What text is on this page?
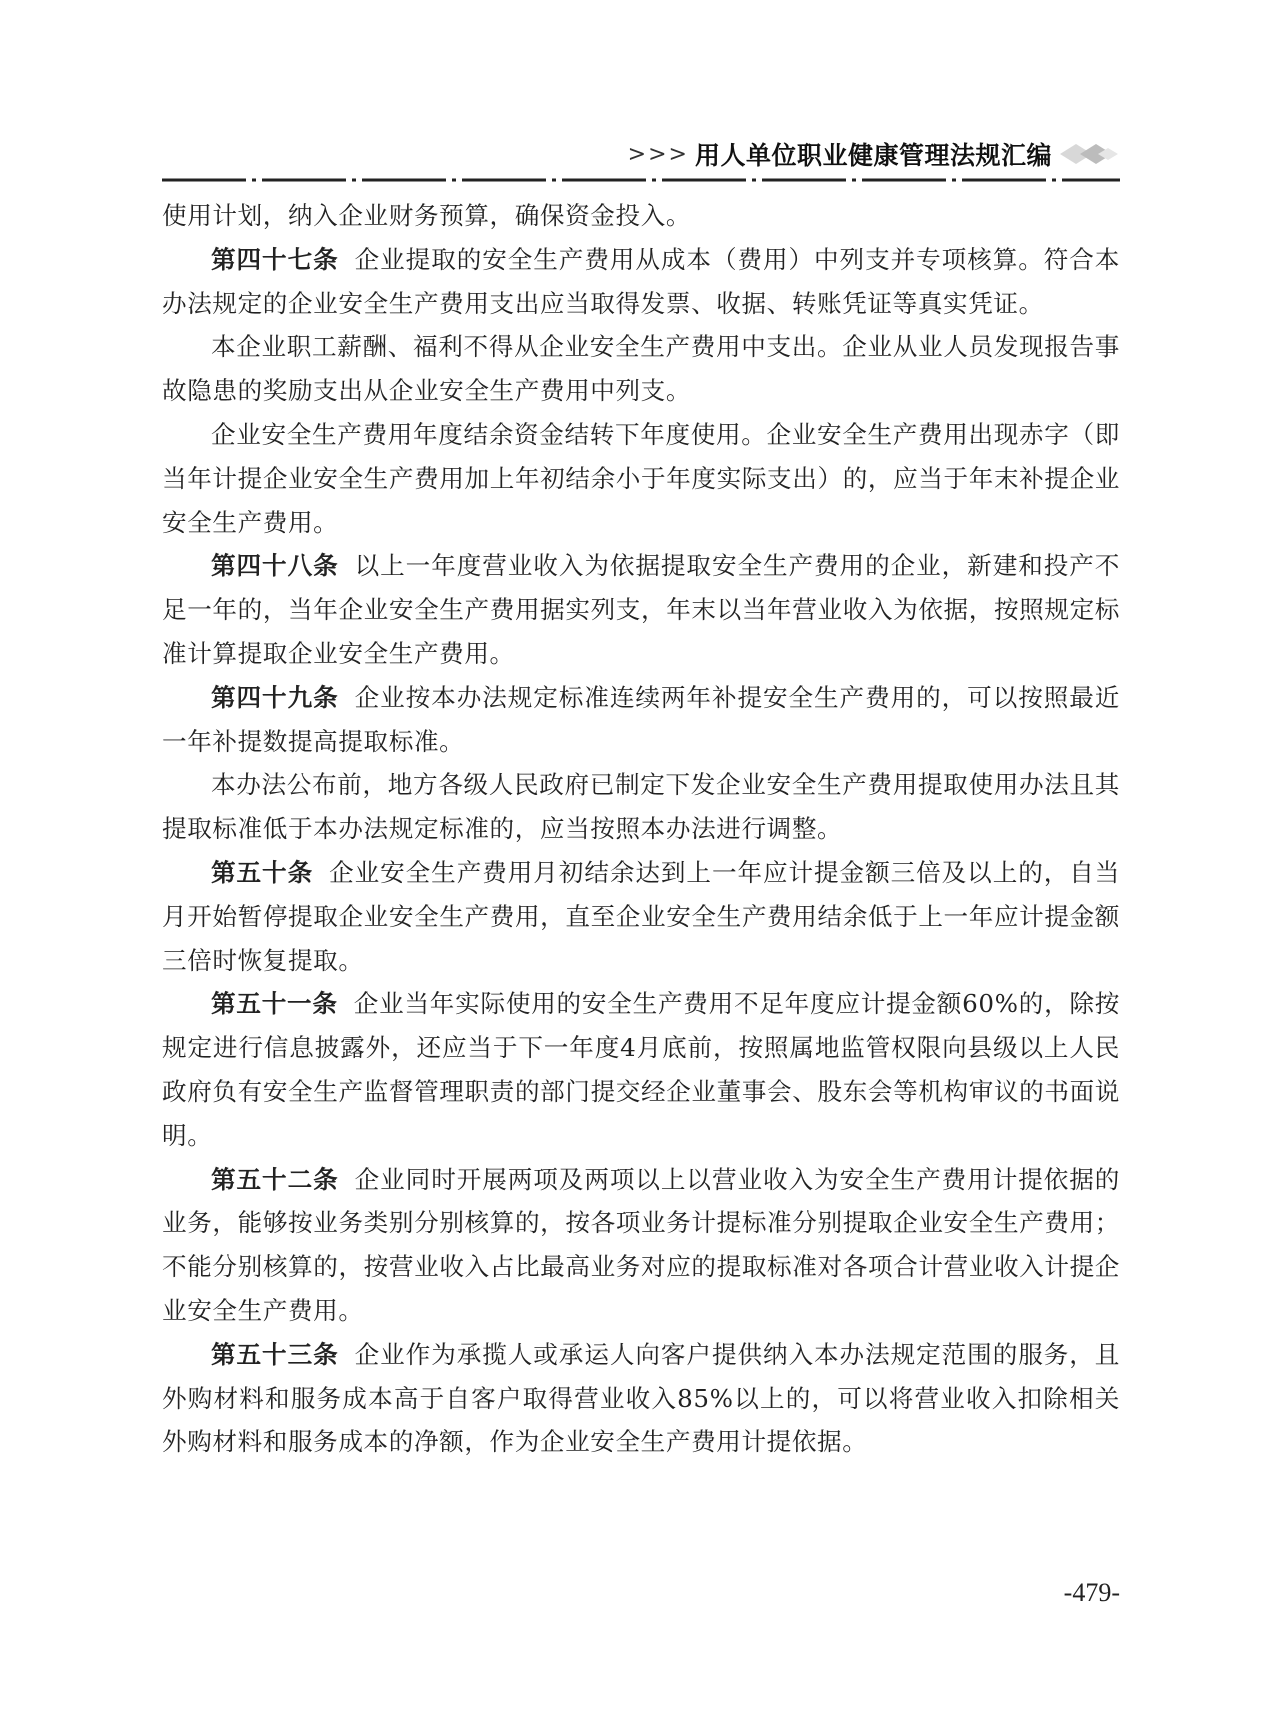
>>> 用人单位职业健康管理法规汇编

使用计划，纳入企业财务预算，确保资金投入。

第四十七条 企业提取的安全生产费用从成本（费用）中列支并专项核算。符合本办法规定的企业安全生产费用支出应当取得发票、收据、转账凭证等真实凭证。

本企业职工薪酬、福利不得从企业安全生产费用中支出。企业从业人员发现报告事故隐患的奖励支出从企业安全生产费用中列支。

企业安全生产费用年度结余资金结转下年度使用。企业安全生产费用出现赤字（即当年计提企业安全生产费用加上年初结余小于年度实际支出）的，应当于年末补提企业安全生产费用。

第四十八条 以上一年度营业收入为依据提取安全生产费用的企业，新建和投产不足一年的，当年企业安全生产费用据实列支，年末以当年营业收入为依据，按照规定标准计算提取企业安全生产费用。

第四十九条 企业按本办法规定标准连续两年补提安全生产费用的，可以按照最近一年补提数提高提取标准。

本办法公布前，地方各级人民政府已制定下发企业安全生产费用提取使用办法且其提取标准低于本办法规定标准的，应当按照本办法进行调整。

第五十条 企业安全生产费用月初结余达到上一年应计提金额三倍及以上的，自当月开始暂停提取企业安全生产费用，直至企业安全生产费用结余低于上一年应计提金额三倍时恢复提取。

第五十一条 企业当年实际使用的安全生产费用不足年度应计提金额60%的，除按规定进行信息披露外，还应当于下一年度4月底前，按照属地监管权限向县级以上人民政府负有安全生产监督管理职责的部门提交经企业董事会、股东会等机构审议的书面说明。

第五十二条 企业同时开展两项及两项以上以营业收入为安全生产费用计提依据的业务，能够按业务类别分别核算的，按各项业务计提标准分别提取企业安全生产费用；不能分别核算的，按营业收入占比最高业务对应的提取标准对各项合计营业收入计提企业安全生产费用。

第五十三条 企业作为承揽人或承运人向客户提供纳入本办法规定范围的服务，且外购材料和服务成本高于自客户取得营业收入85%以上的，可以将营业收入扣除相关外购材料和服务成本的净额，作为企业安全生产费用计提依据。

-479-
